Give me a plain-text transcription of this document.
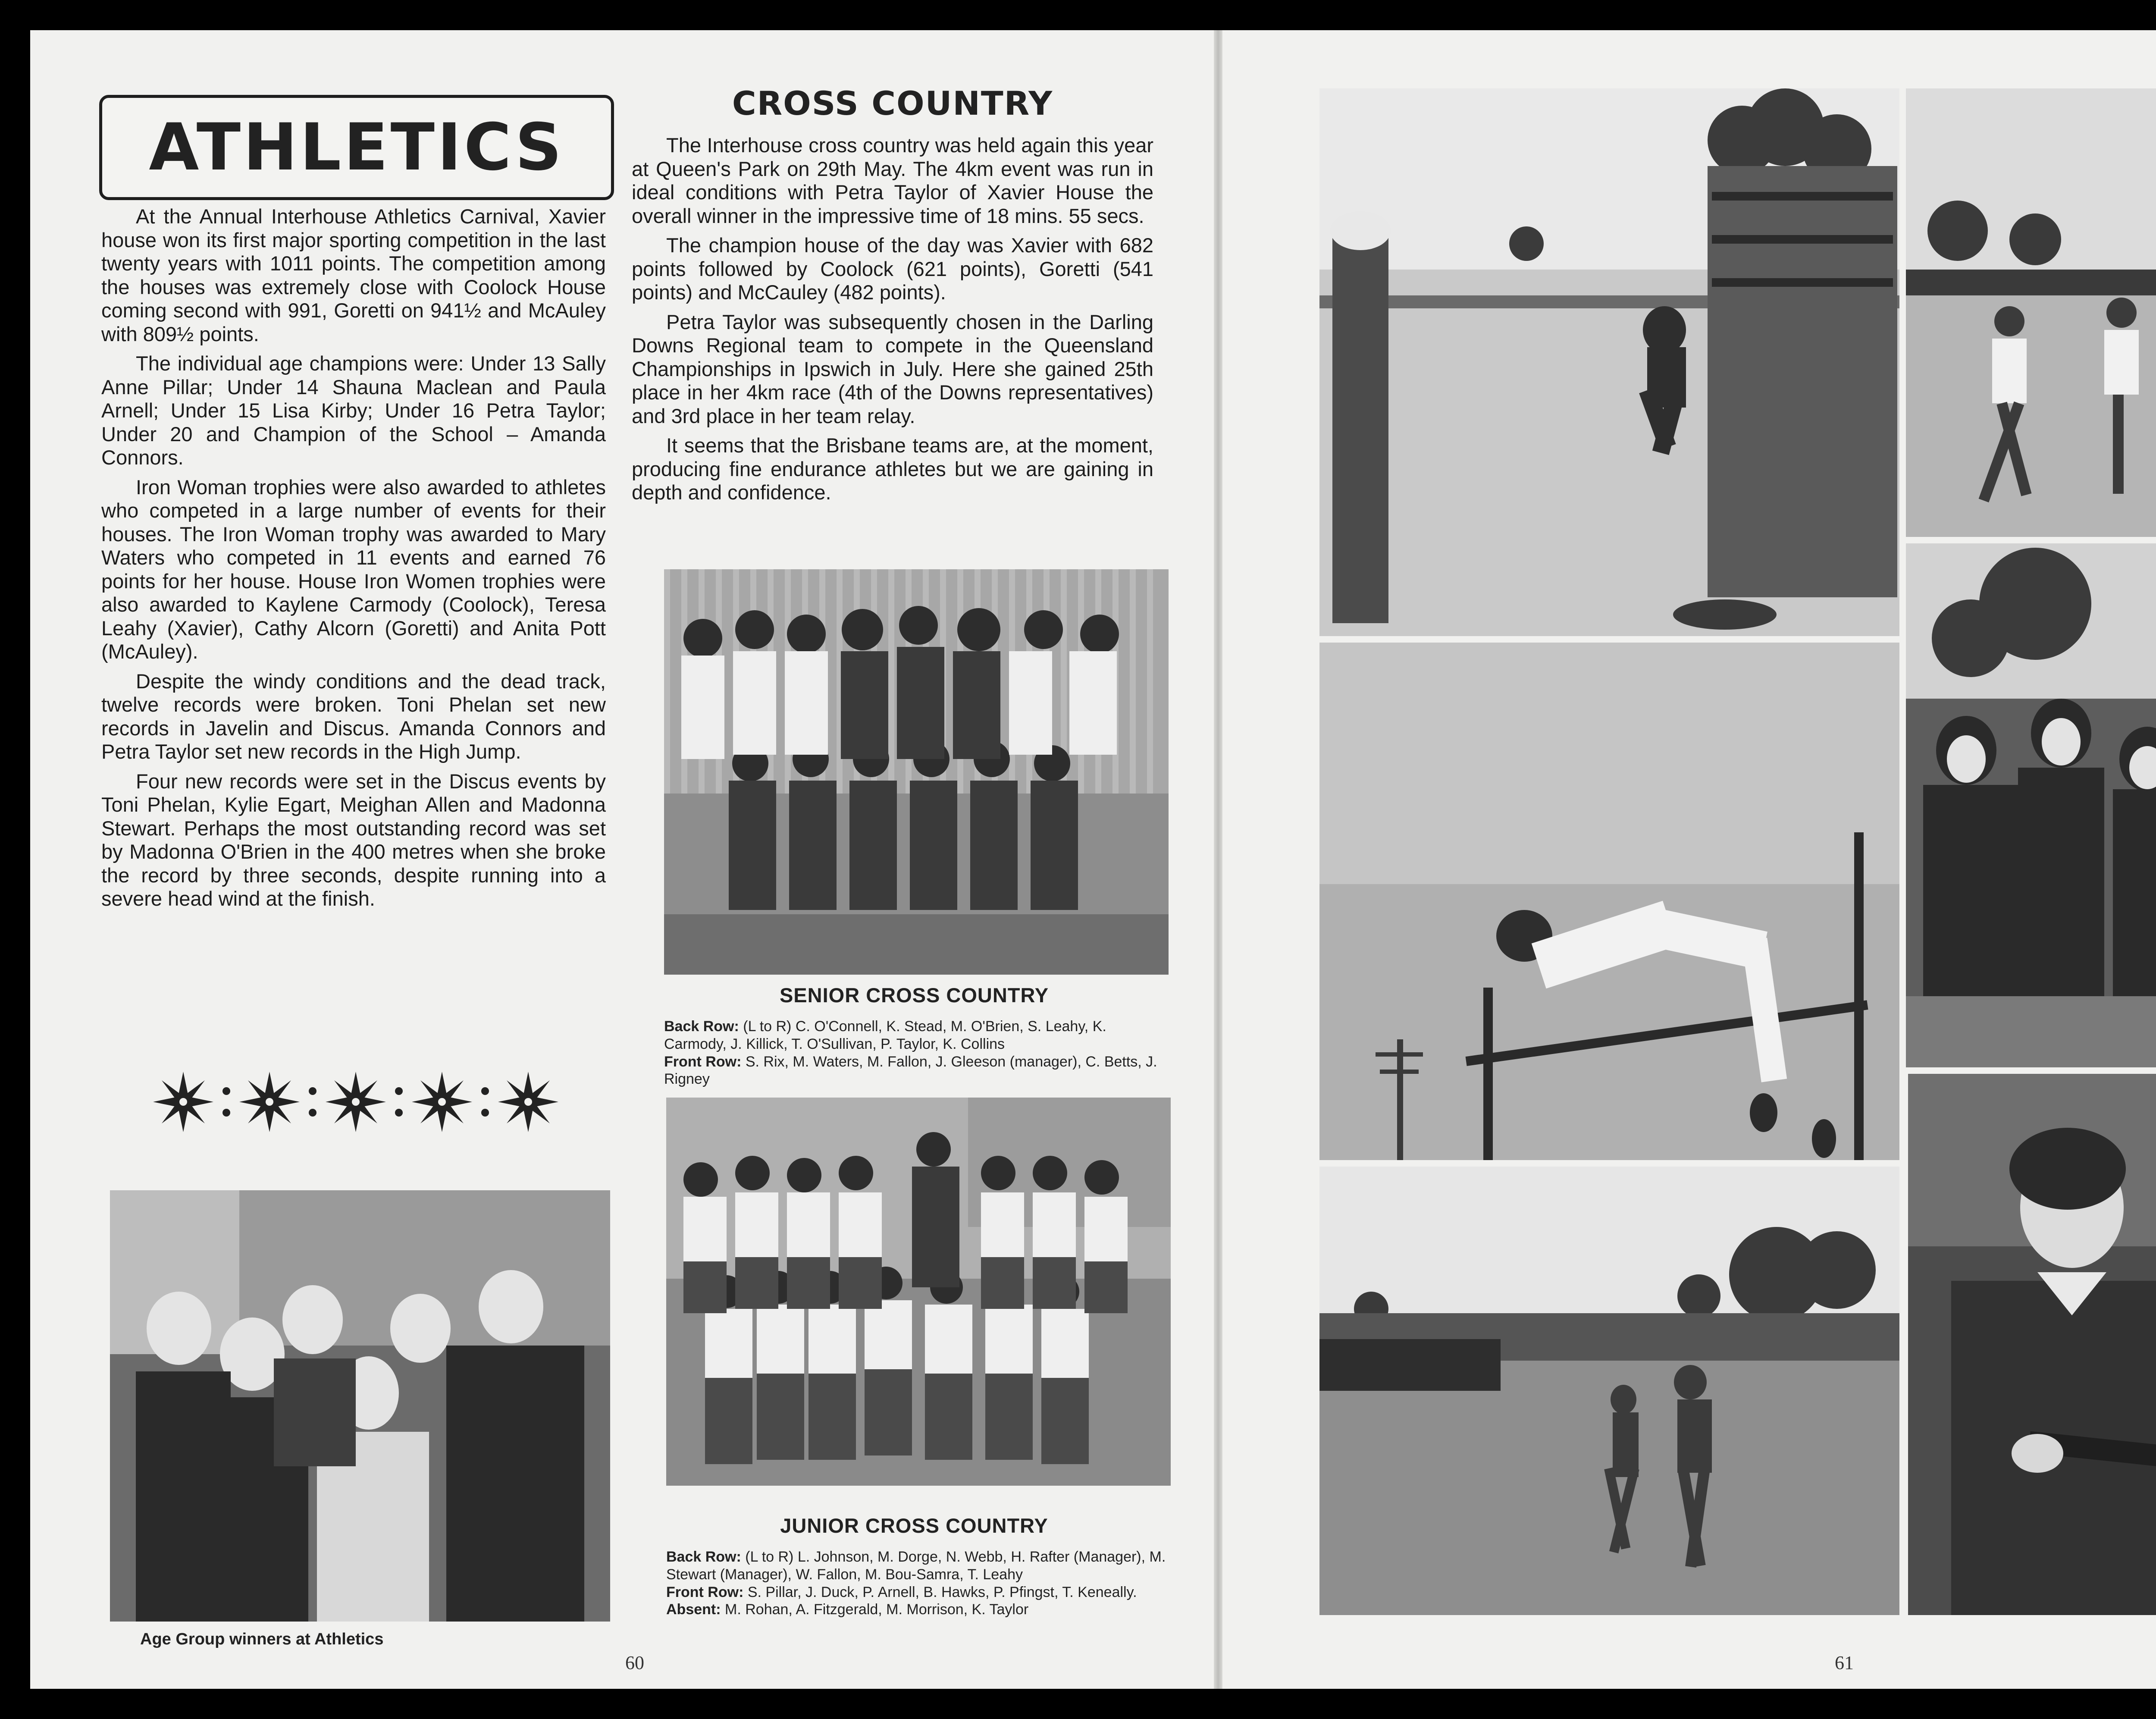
ATHLETICS

At the Annual Interhouse Athletics Carnival, Xavier house won its first major sporting competition in the last twenty years with 1011 points. The competition among the houses was extremely close with Coolock House coming second with 991, Goretti on 941½ and McAuley with 809½ points.

The individual age champions were: Under 13 Sally Anne Pillar; Under 14 Shauna Maclean and Paula Arnell; Under 15 Lisa Kirby; Under 16 Petra Taylor; Under 20 and Champion of the School – Amanda Connors.

Iron Woman trophies were also awarded to athletes who competed in a large number of events for their houses. The Iron Woman trophy was awarded to Mary Waters who competed in 11 events and earned 76 points for her house. House Iron Women trophies were also awarded to Kaylene Carmody (Coolock), Teresa Leahy (Xavier), Cathy Alcorn (Goretti) and Anita Pott (McAuley).

Despite the windy conditions and the dead track, twelve records were broken. Toni Phelan set new records in Javelin and Discus. Amanda Connors and Petra Taylor set new records in the High Jump.

Four new records were set in the Discus events by Toni Phelan, Kylie Egart, Meighan Allen and Madonna Stewart. Perhaps the most outstanding record was set by Madonna O'Brien in the 400 metres when she broke the record by three seconds, despite running into a severe head wind at the finish.

CROSS COUNTRY

The Interhouse cross country was held again this year at Queen's Park on 29th May. The 4km event was run in ideal conditions with Petra Taylor of Xavier House the overall winner in the impressive time of 18 mins. 55 secs.

The champion house of the day was Xavier with 682 points followed by Coolock (621 points), Goretti (541 points) and McCauley (482 points).

Petra Taylor was subsequently chosen in the Darling Downs Regional team to compete in the Queensland Championships in Ipswich in July. Here she gained 25th place in her 4km race (4th of the Downs representatives) and 3rd place in her team relay.

It seems that the Brisbane teams are, at the moment, producing fine endurance athletes but we are gaining in depth and confidence.

SENIOR CROSS COUNTRY
Back Row: (L to R) C. O'Connell, K. Stead, M. O'Brien, S. Leahy, K. Carmody, J. Killick, T. O'Sullivan, P. Taylor, K. Collins
Front Row: S. Rix, M. Waters, M. Fallon, J. Gleeson (manager), C. Betts, J. Rigney
Age Group winners at Athletics
JUNIOR CROSS COUNTRY
Back Row: (L to R) L. Johnson, M. Dorge, N. Webb, H. Rafter (Manager), M. Stewart (Manager), W. Fallon, M. Bou-Samra, T. Leahy
Front Row: S. Pillar, J. Duck, P. Arnell, B. Hawks, P. Pfingst, T. Keneally.
Absent: M. Rohan, A. Fitzgerald, M. Morrison, K. Taylor
60	61
